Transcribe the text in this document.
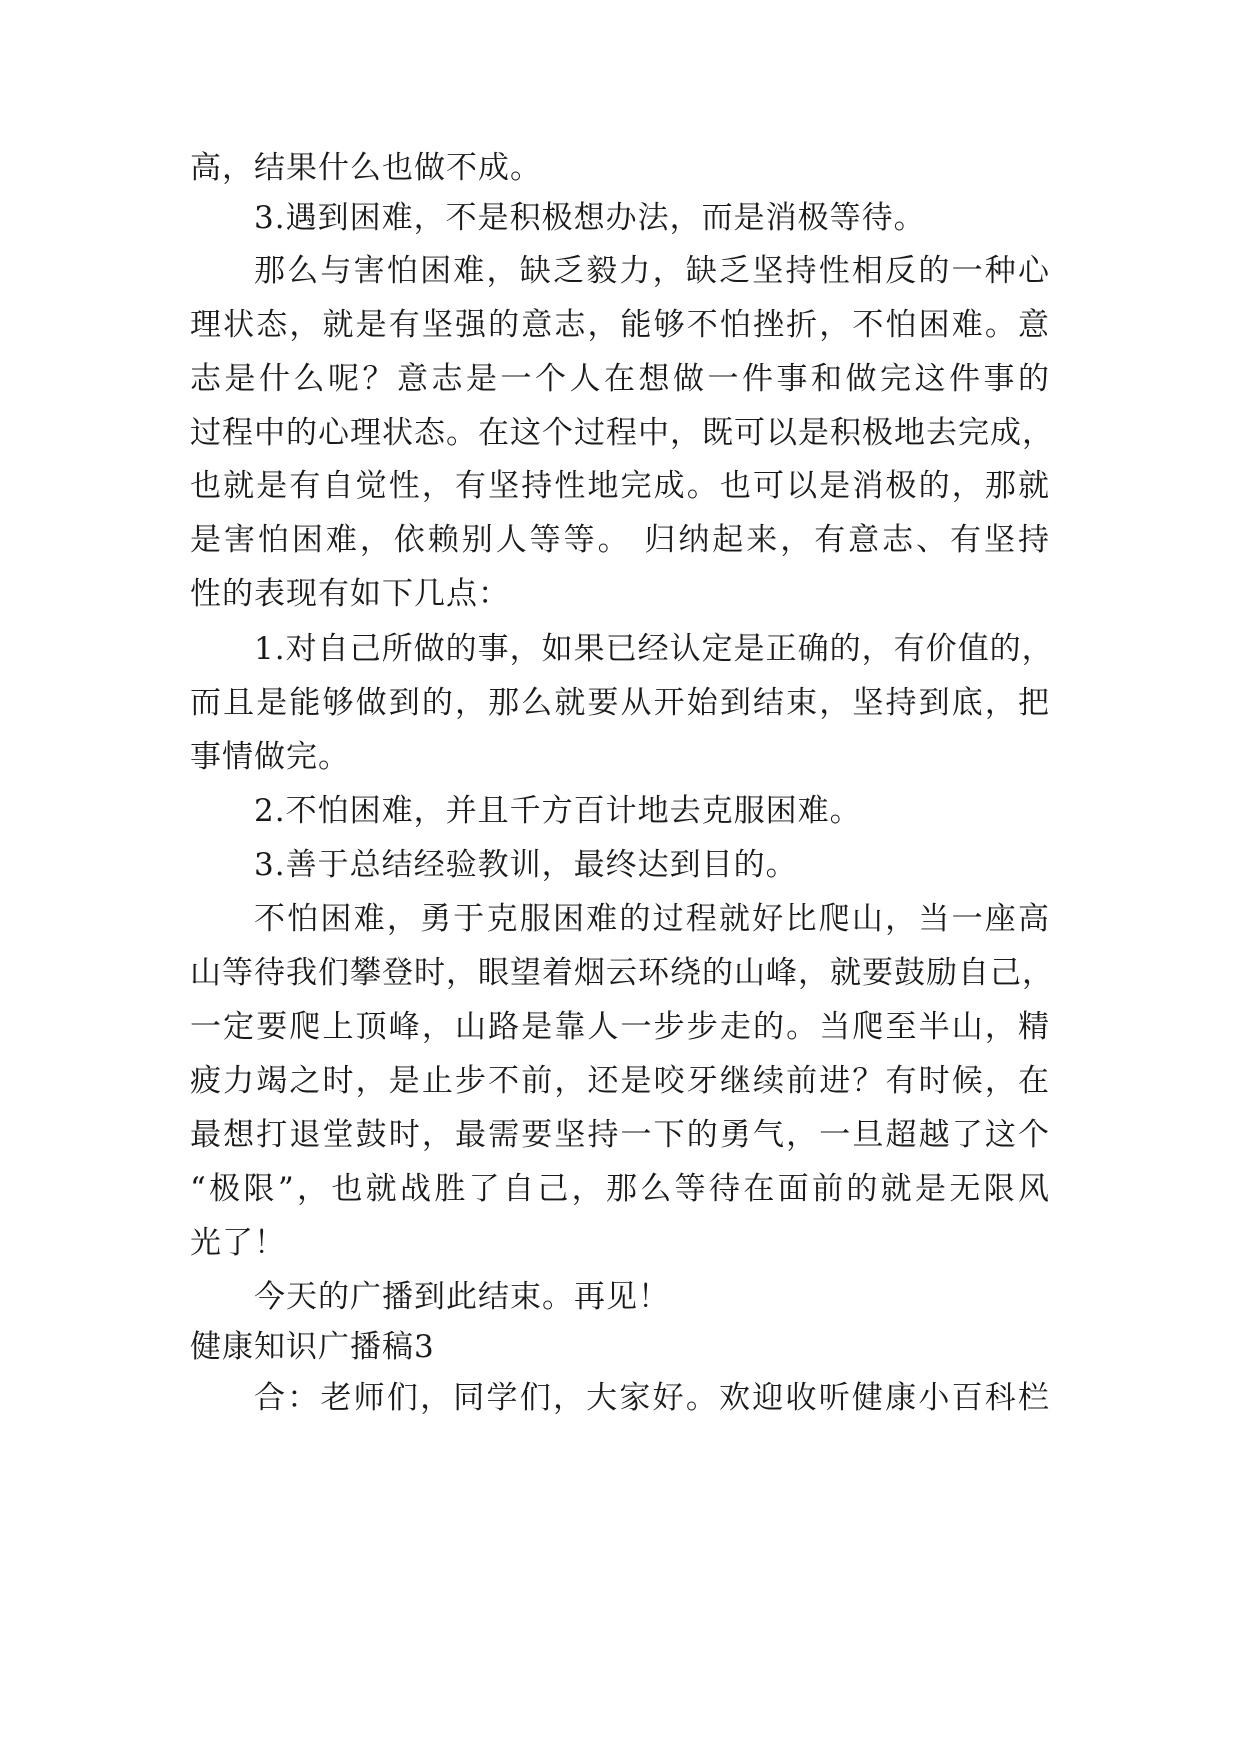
高，结果什么也做不成。
3.遇到困难，不是积极想办法，而是消极等待。
那么与害怕困难，缺乏毅力，缺乏坚持性相反的一种心
理状态，就是有坚强的意志，能够不怕挫折，不怕困难。意
志是什么呢？意志是一个人在想做一件事和做完这件事的
过程中的心理状态。在这个过程中，既可以是积极地去完成，
也就是有自觉性，有坚持性地完成。也可以是消极的，那就
是害怕困难，依赖别人等等。 归纳起来，有意志、有坚持
性的表现有如下几点：
1.对自己所做的事，如果已经认定是正确的，有价值的，
而且是能够做到的，那么就要从开始到结束，坚持到底，把
事情做完。
2.不怕困难，并且千方百计地去克服困难。
3.善于总结经验教训，最终达到目的。
不怕困难，勇于克服困难的过程就好比爬山，当一座高
山等待我们攀登时，眼望着烟云环绕的山峰，就要鼓励自己，
一定要爬上顶峰，山路是靠人一步步走的。当爬至半山，精
疲力竭之时，是止步不前，还是咬牙继续前进？有时候，在
最想打退堂鼓时，最需要坚持一下的勇气，一旦超越了这个
“极限”，也就战胜了自己，那么等待在面前的就是无限风
光了！
今天的广播到此结束。再见！
健康知识广播稿3
合：老师们，同学们，大家好。欢迎收听健康小百科栏
